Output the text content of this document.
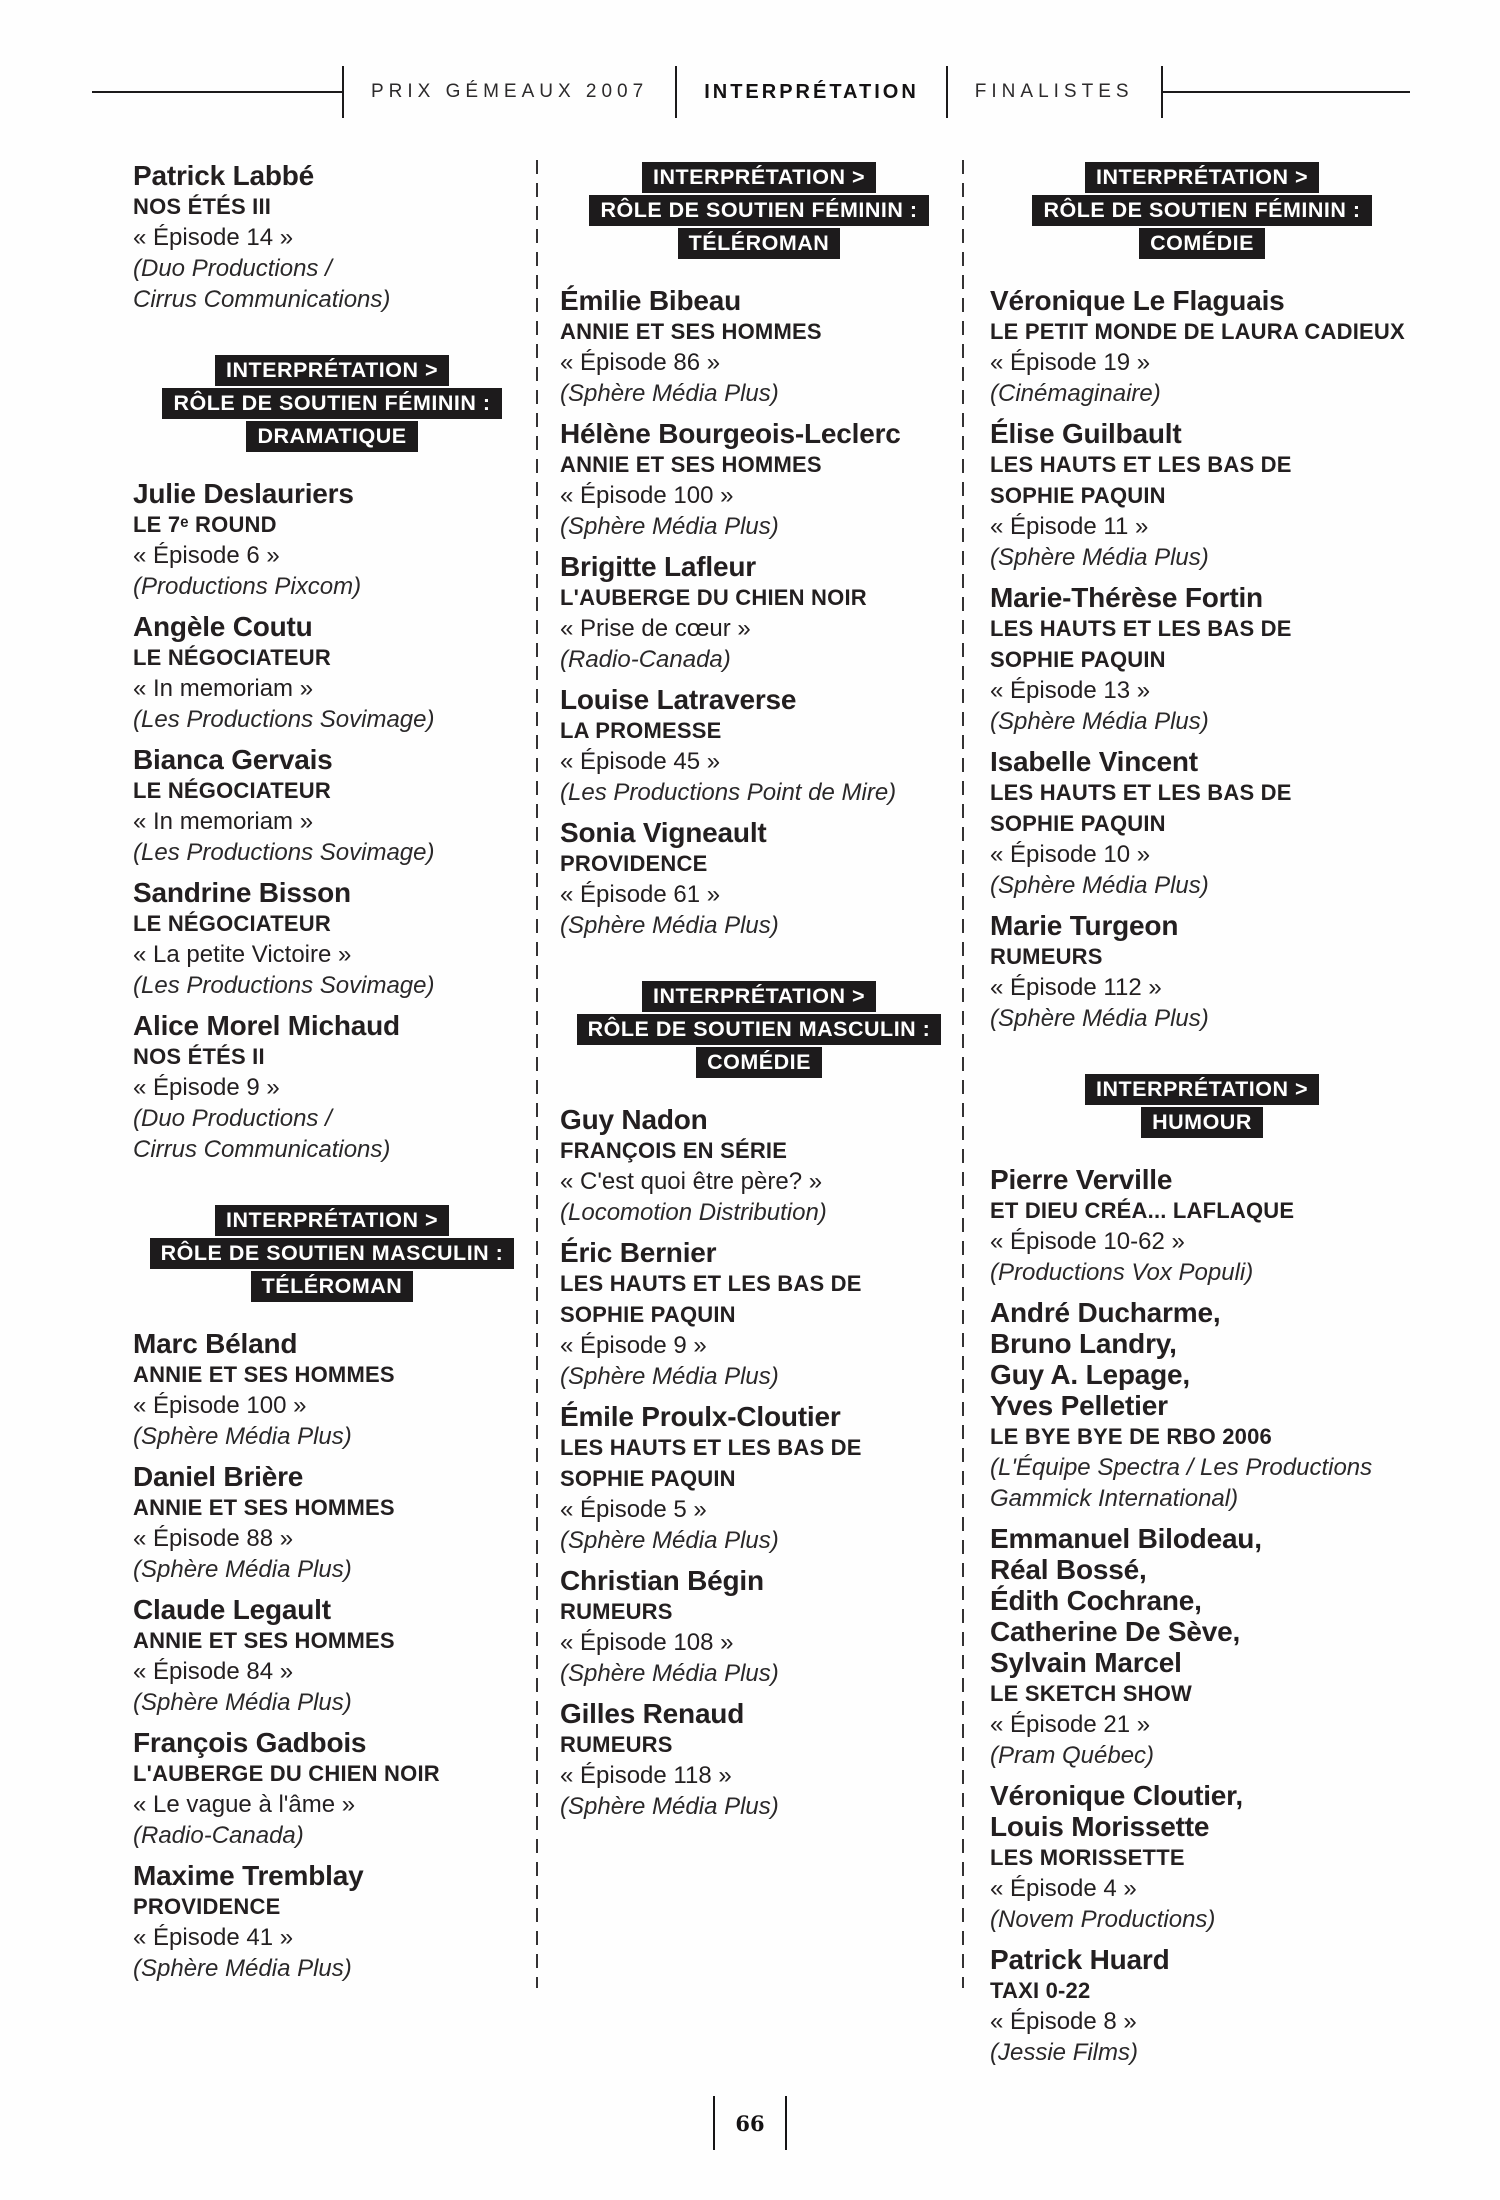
PRIX GÉMEAUX 2007	INTERPRÉTATION	FINALISTES
Patrick Labbé
NOS ÉTÉS III
« Épisode 14 »
(Duo Productions /
Cirrus Communications)
INTERPRÉTATION >
RÔLE DE SOUTIEN FÉMININ :
DRAMATIQUE
Julie Deslauriers
LE 7ᵉ ROUND
« Épisode 6 »
(Productions Pixcom)
Angèle Coutu
LE NÉGOCIATEUR
« In memoriam »
(Les Productions Sovimage)
Bianca Gervais
LE NÉGOCIATEUR
« In memoriam »
(Les Productions Sovimage)
Sandrine Bisson
LE NÉGOCIATEUR
« La petite Victoire »
(Les Productions Sovimage)
Alice Morel Michaud
NOS ÉTÉS II
« Épisode 9 »
(Duo Productions /
Cirrus Communications)
INTERPRÉTATION >
RÔLE DE SOUTIEN MASCULIN :
TÉLÉROMAN
Marc Béland
ANNIE ET SES HOMMES
« Épisode 100 »
(Sphère Média Plus)
Daniel Brière
ANNIE ET SES HOMMES
« Épisode 88 »
(Sphère Média Plus)
Claude Legault
ANNIE ET SES HOMMES
« Épisode 84 »
(Sphère Média Plus)
François Gadbois
L'AUBERGE DU CHIEN NOIR
« Le vague à l'âme »
(Radio-Canada)
Maxime Tremblay
PROVIDENCE
« Épisode 41 »
(Sphère Média Plus)
INTERPRÉTATION >
RÔLE DE SOUTIEN FÉMININ :
TÉLÉROMAN
Émilie Bibeau
ANNIE ET SES HOMMES
« Épisode 86 »
(Sphère Média Plus)
Hélène Bourgeois-Leclerc
ANNIE ET SES HOMMES
« Épisode 100 »
(Sphère Média Plus)
Brigitte Lafleur
L'AUBERGE DU CHIEN NOIR
« Prise de cœur »
(Radio-Canada)
Louise Latraverse
LA PROMESSE
« Épisode 45 »
(Les Productions Point de Mire)
Sonia Vigneault
PROVIDENCE
« Épisode 61 »
(Sphère Média Plus)
INTERPRÉTATION >
RÔLE DE SOUTIEN MASCULIN :
COMÉDIE
Guy Nadon
FRANÇOIS EN SÉRIE
« C'est quoi être père? »
(Locomotion Distribution)
Éric Bernier
LES HAUTS ET LES BAS DE
SOPHIE PAQUIN
« Épisode 9 »
(Sphère Média Plus)
Émile Proulx-Cloutier
LES HAUTS ET LES BAS DE
SOPHIE PAQUIN
« Épisode 5 »
(Sphère Média Plus)
Christian Bégin
RUMEURS
« Épisode 108 »
(Sphère Média Plus)
Gilles Renaud
RUMEURS
« Épisode 118 »
(Sphère Média Plus)
INTERPRÉTATION >
RÔLE DE SOUTIEN FÉMININ :
COMÉDIE
Véronique Le Flaguais
LE PETIT MONDE DE LAURA CADIEUX
« Épisode 19 »
(Cinémaginaire)
Élise Guilbault
LES HAUTS ET LES BAS DE
SOPHIE PAQUIN
« Épisode 11 »
(Sphère Média Plus)
Marie-Thérèse Fortin
LES HAUTS ET LES BAS DE
SOPHIE PAQUIN
« Épisode 13 »
(Sphère Média Plus)
Isabelle Vincent
LES HAUTS ET LES BAS DE
SOPHIE PAQUIN
« Épisode 10 »
(Sphère Média Plus)
Marie Turgeon
RUMEURS
« Épisode 112 »
(Sphère Média Plus)
INTERPRÉTATION >
HUMOUR
Pierre Verville
ET DIEU CRÉA... LAFLAQUE
« Épisode 10-62 »
(Productions Vox Populi)
André Ducharme,
Bruno Landry,
Guy A. Lepage,
Yves Pelletier
LE BYE BYE DE RBO 2006
(L'Équipe Spectra / Les Productions
Gammick International)
Emmanuel Bilodeau,
Réal Bossé,
Édith Cochrane,
Catherine De Sève,
Sylvain Marcel
LE SKETCH SHOW
« Épisode 21 »
(Pram Québec)
Véronique Cloutier,
Louis Morissette
LES MORISSETTE
« Épisode 4 »
(Novem Productions)
Patrick Huard
TAXI 0-22
« Épisode 8 »
(Jessie Films)
66
